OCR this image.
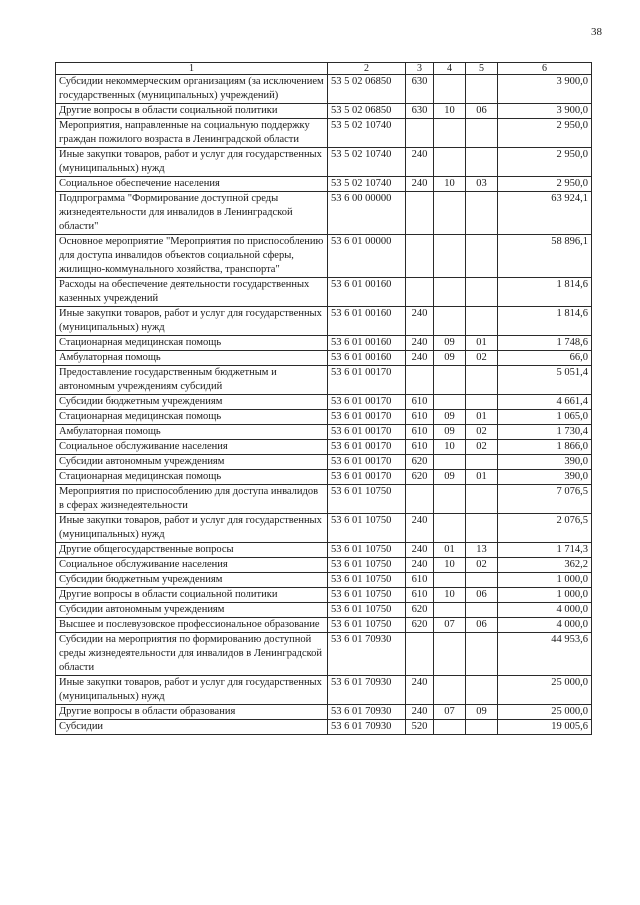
38
1	2	3	4	5	6
Субсидии некоммерческим организациям (за исключением государственных (муниципальных) учреждений)	53 5 02 06850	630			3 900,0
Другие вопросы в области социальной политики	53 5 02 06850	630	10	06	3 900,0
Мероприятия, направленные на социальную поддержку граждан пожилого возраста в Ленинградской области	53 5 02 10740				2 950,0
Иные закупки товаров, работ и услуг для государственных (муниципальных) нужд	53 5 02 10740	240			2 950,0
Социальное обеспечение населения	53 5 02 10740	240	10	03	2 950,0
Подпрограмма "Формирование доступной среды жизнедеятельности для инвалидов в Ленинградской области"	53 6 00 00000				63 924,1
Основное мероприятие "Мероприятия по приспособлению для доступа инвалидов объектов социальной сферы, жилищно-коммунального хозяйства, транспорта"	53 6 01 00000				58 896,1
Расходы на обеспечение деятельности государственных казенных учреждений	53 6 01 00160				1 814,6
Иные закупки товаров, работ и услуг для государственных (муниципальных) нужд	53 6 01 00160	240			1 814,6
Стационарная медицинская помощь	53 6 01 00160	240	09	01	1 748,6
Амбулаторная помощь	53 6 01 00160	240	09	02	66,0
Предоставление государственным бюджетным и автономным учреждениям субсидий	53 6 01 00170				5 051,4
Субсидии бюджетным учреждениям	53 6 01 00170	610			4 661,4
Стационарная медицинская помощь	53 6 01 00170	610	09	01	1 065,0
Амбулаторная помощь	53 6 01 00170	610	09	02	1 730,4
Социальное обслуживание населения	53 6 01 00170	610	10	02	1 866,0
Субсидии автономным учреждениям	53 6 01 00170	620			390,0
Стационарная медицинская помощь	53 6 01 00170	620	09	01	390,0
Мероприятия по приспособлению для доступа инвалидов в сферах жизнедеятельности	53 6 01 10750				7 076,5
Иные закупки товаров, работ и услуг для государственных (муниципальных) нужд	53 6 01 10750	240			2 076,5
Другие общегосударственные вопросы	53 6 01 10750	240	01	13	1 714,3
Социальное обслуживание населения	53 6 01 10750	240	10	02	362,2
Субсидии бюджетным учреждениям	53 6 01 10750	610			1 000,0
Другие вопросы в области социальной политики	53 6 01 10750	610	10	06	1 000,0
Субсидии автономным учреждениям	53 6 01 10750	620			4 000,0
Высшее и послевузовское профессиональное образование	53 6 01 10750	620	07	06	4 000,0
Субсидии на мероприятия по формированию доступной среды жизнедеятельности для инвалидов в Ленинградской области	53 6 01 70930				44 953,6
Иные закупки товаров, работ и услуг для государственных (муниципальных) нужд	53 6 01 70930	240			25 000,0
Другие вопросы в области образования	53 6 01 70930	240	07	09	25 000,0
Субсидии	53 6 01 70930	520			19 005,6
